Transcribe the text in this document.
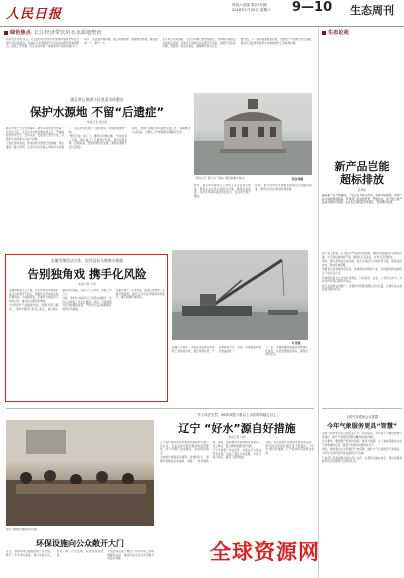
人民日报
每周六出版 第21号期
2018年1月20日 星期六 9—10 生态周刊
绿色焦点· 长江经济带饮用水水源地整治	生态论苑

新华社北京电 近日，长江经济带饮用水水源地环境保护执法专项行动持续推进，各地针对水源保护区内违法问题开展清理整治。按照工作部署，沿江各省市逐一排查取水口周边的排污口、码头、违法建筑等问题，建立问题清单，明确整改时限，做到整改一个、销号一个。

从专项行动进展看，大部分问题已经完成整治，水源地环境质量总体稳定向好。但也有个别地方存在整治不彻底、措施不到位等问题，需要进一步压实责任，确保群众饮水安全。

据介绍，下一步将加强督查检查，对整改不力的地方进行通报，推动长江经济带饮用水水源地保护工作取得实效。

湖北黄石推进小区黑臭水体整治
保护水源地 不留“后遗症”
本报记者 程远州

黄石市位于长江中游南岸，取水口附近曾分布着一些老旧小区，生活污水未经处理直排入江，严重威胁饮用水安全。去年以来，当地加大整治力度，对保护区内的排污口进行封堵。

记者在现场看到，原来的排污管道已被拆除，周边建起了截污管网，生活污水全部接入城市污水处理厂。沿江岸线也进行了绿化改造，环境面貌焕然一新。

"整治不能一拆了之，要防止问题反弹。"当地负责人介绍，黄石建立了长效管护机制，落实河湖长制，定期巡查，发现问题及时处理，确保水源地不留"后遗症"。

同时，当地还对搬迁居民做好安置工作，保障群众合法权益，让整治工作得到群众理解和支持。

图为长江“黄石水厂取水口附近的取水泵站”。	程远州摄

此外，黄石市对取水口上游的工业企业进行排查，督促企业完善污染防治设施，确保达标排放。对存在环境风险隐患的企业，依法责令停产整改。

目前，黄石饮用水水源地水质稳定达到国家标准，群众饮水安全得到有效保障。

新产品岂能
超标排放
孙秀艳

随着新产品不断涌现，一些企业为抢占市场，忽视环保要求，导致产品污染物排放超标。环保部门应加强监管，严格执法，决不能让新产品成为新的污染源。企业也应承担起主体责任，坚持绿色发展。

新产品上市前，应当经过严格的环保检测，确保各项指标符合国家标准。对于超标排放的产品，要依法予以查处，并责令召回整改。

同时，要完善相关法律法规，加大对违法行为的处罚力度，提高违法成本，形成有效震慑。

消费者也应增强环保意识，选择绿色环保的产品，共同推动形成绿色生产和生活方式。

环境保护是全社会的共同责任，只有政府、企业、公众齐心协力，才能守护好我们的绿水青山。

新产品的研发和推广，必须将环保要求摆在突出位置，让绿色成为高质量发展的底色。

安徽芜湖依法合作，促消县码头搬离水源地
告别独角戏 携手化风险
本报记者 叶琦

芜湖市地处长江下游，过去饮用水水源保护区内分布着多个码头，船舶作业带来油污等环境风险。为消除隐患，芜湖市与相关部门协同合作，推动码头搬离水源地。

"水源保护不能唱独角戏，需要多部门联动。"当地环保部门负责人表示，通过建立联席会议制度，各部门分工协作，形成工作合力。

目前，保护区内的码头已全部完成搬迁，岸线生态修复工作正在推进。同时，当地加强对过往船舶的监管，严防危化品运输船舶在保护区内停靠。

芜湖还建立了应急预案，配备应急物资，定期开展演练，提升应对突发环境事件的能力，携手化解环境风险。

叶琦摄

在搬迁过程中，当地妥善处理企业和职工的利益诉求，通过协商补偿、产业转移等方式，实现了环境效益和社会效益的统一。

下一步，芜湖将继续加强水源地规范化建设，完善监测监控体系，确保饮用水安全。

图为当地群众参观环保设施。

环保设施向公众敞开大门

近日，各地环保设施陆续向公众开放，吸引了众多市民参观。通过实地走访，市民了解了污水处理、垃圾焚烧等流程。

开放活动有助于增进公众对环保工作的理解和支持，推动形成全社会共同参与的良好氛围。

「多人执法处罚，66家问题个数以上水质保持稳定以上」
辽宁 “好水”源自好措施
本报记者 何勇

辽宁省开展饮用水水源地环境保护专项行动以来，全省各地对照问题清单逐项整改，多个问题已完成整治，水质保持稳定。

当地通过拆除违法建筑、封堵排污口、清理垃圾堆放点等措施，消除了一批环境隐患。同时，加快推进水源地规范化建设，设立界标、警示牌和隔离防护设施。

辽宁还加强了执法监管，对违法行为依法严肃处理，形成了强有力的震慑。多部门联合执法，提高了监管效能。

目前，全省饮用水水源地水质总体良好，群众的获得感和满意度不断提升。"好水"源自好措施，辽宁将持续巩固整治成果。

全国气象系统会议透露
今年气象服务更具“智慧”

全国气象局长会议日前在京召开。会议指出，今年将大力推进智慧气象建设，提升气象预报预警的精准度和时效性。

会议要求，要加强气象科技创新，推进大数据、人工智能等新技术在气象领域的应用，提高气象服务的智能化水平。

同时，要加强生态文明建设气象保障，做好大气污染防治气象服务，为打好污染防治攻坚战提供有力支撑。

气象部门还将加强与相关部门合作，完善防灾减灾体系，更好地服务经济社会发展和人民群众生活。

全球资源网
